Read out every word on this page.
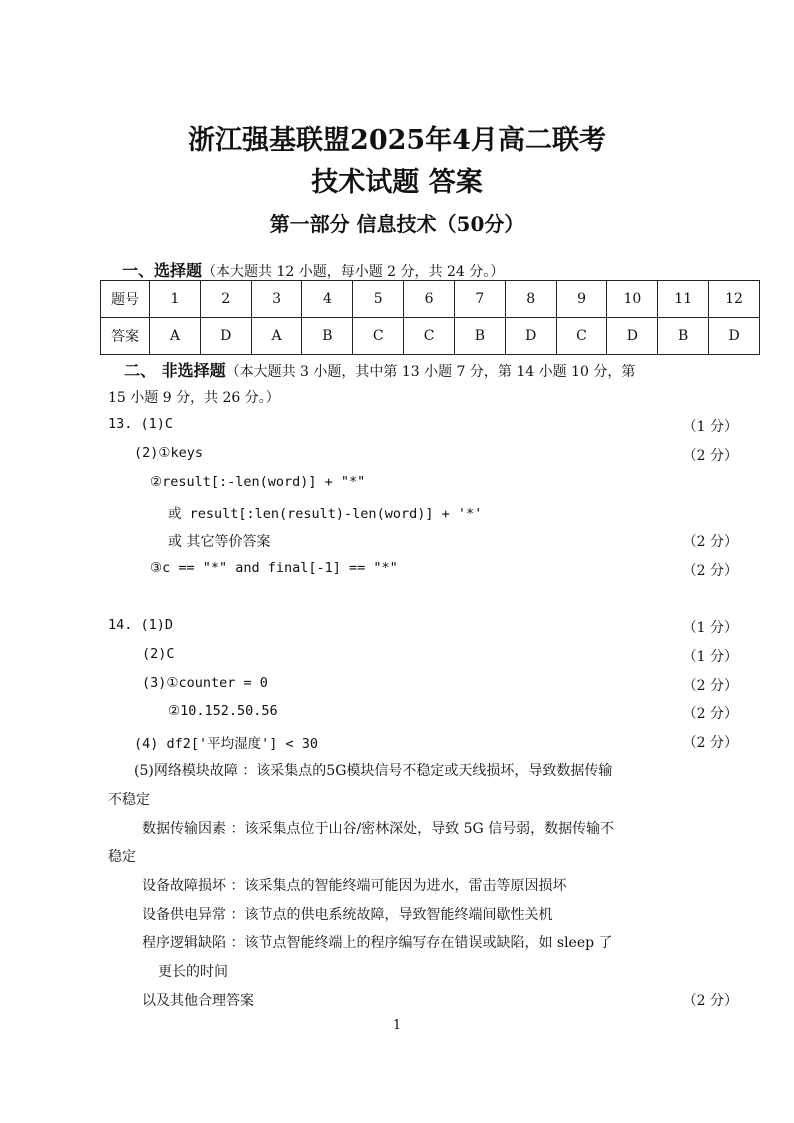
浙江强基联盟2025年4月高二联考
技术试题 答案
第一部分 信息技术（50分）
一、选择题（本大题共 12 小题，每小题 2 分，共 24 分。）
题号	1	2	3	4	5	6	7	8	9	10	11	12
答案	A	D	A	B	C	C	B	D	C	D	B	D
二、 非选择题（本大题共 3 小题，其中第 13 小题 7 分，第 14 小题 10 分，第
15 小题 9 分，共 26 分。）
13. (1)C	（1 分）
(2)①keys	（2 分）
②result[:-len(word)] + "*"
或 result[:len(result)-len(word)] + '*'
或 其它等价答案	（2 分）
③c == "*" and final[-1] == "*"	（2 分）
14. (1)D	（1 分）
(2)C	（1 分）
(3)①counter = 0	（2 分）
②10.152.50.56	（2 分）
(4) df2['平均湿度'] < 30	（2 分）
(5)网络模块故障 ：该采集点的5G模块信号不稳定或天线损坏，导致数据传输
不稳定
数据传输因素 ：该采集点位于山谷/密林深处，导致 5G 信号弱，数据传输不
稳定
设备故障损坏 ：该采集点的智能终端可能因为进水，雷击等原因损坏
设备供电异常 ：该节点的供电系统故障，导致智能终端间歇性关机
程序逻辑缺陷 ：该节点智能终端上的程序编写存在错误或缺陷，如 sleep 了
更长的时间
以及其他合理答案	（2 分）
1
